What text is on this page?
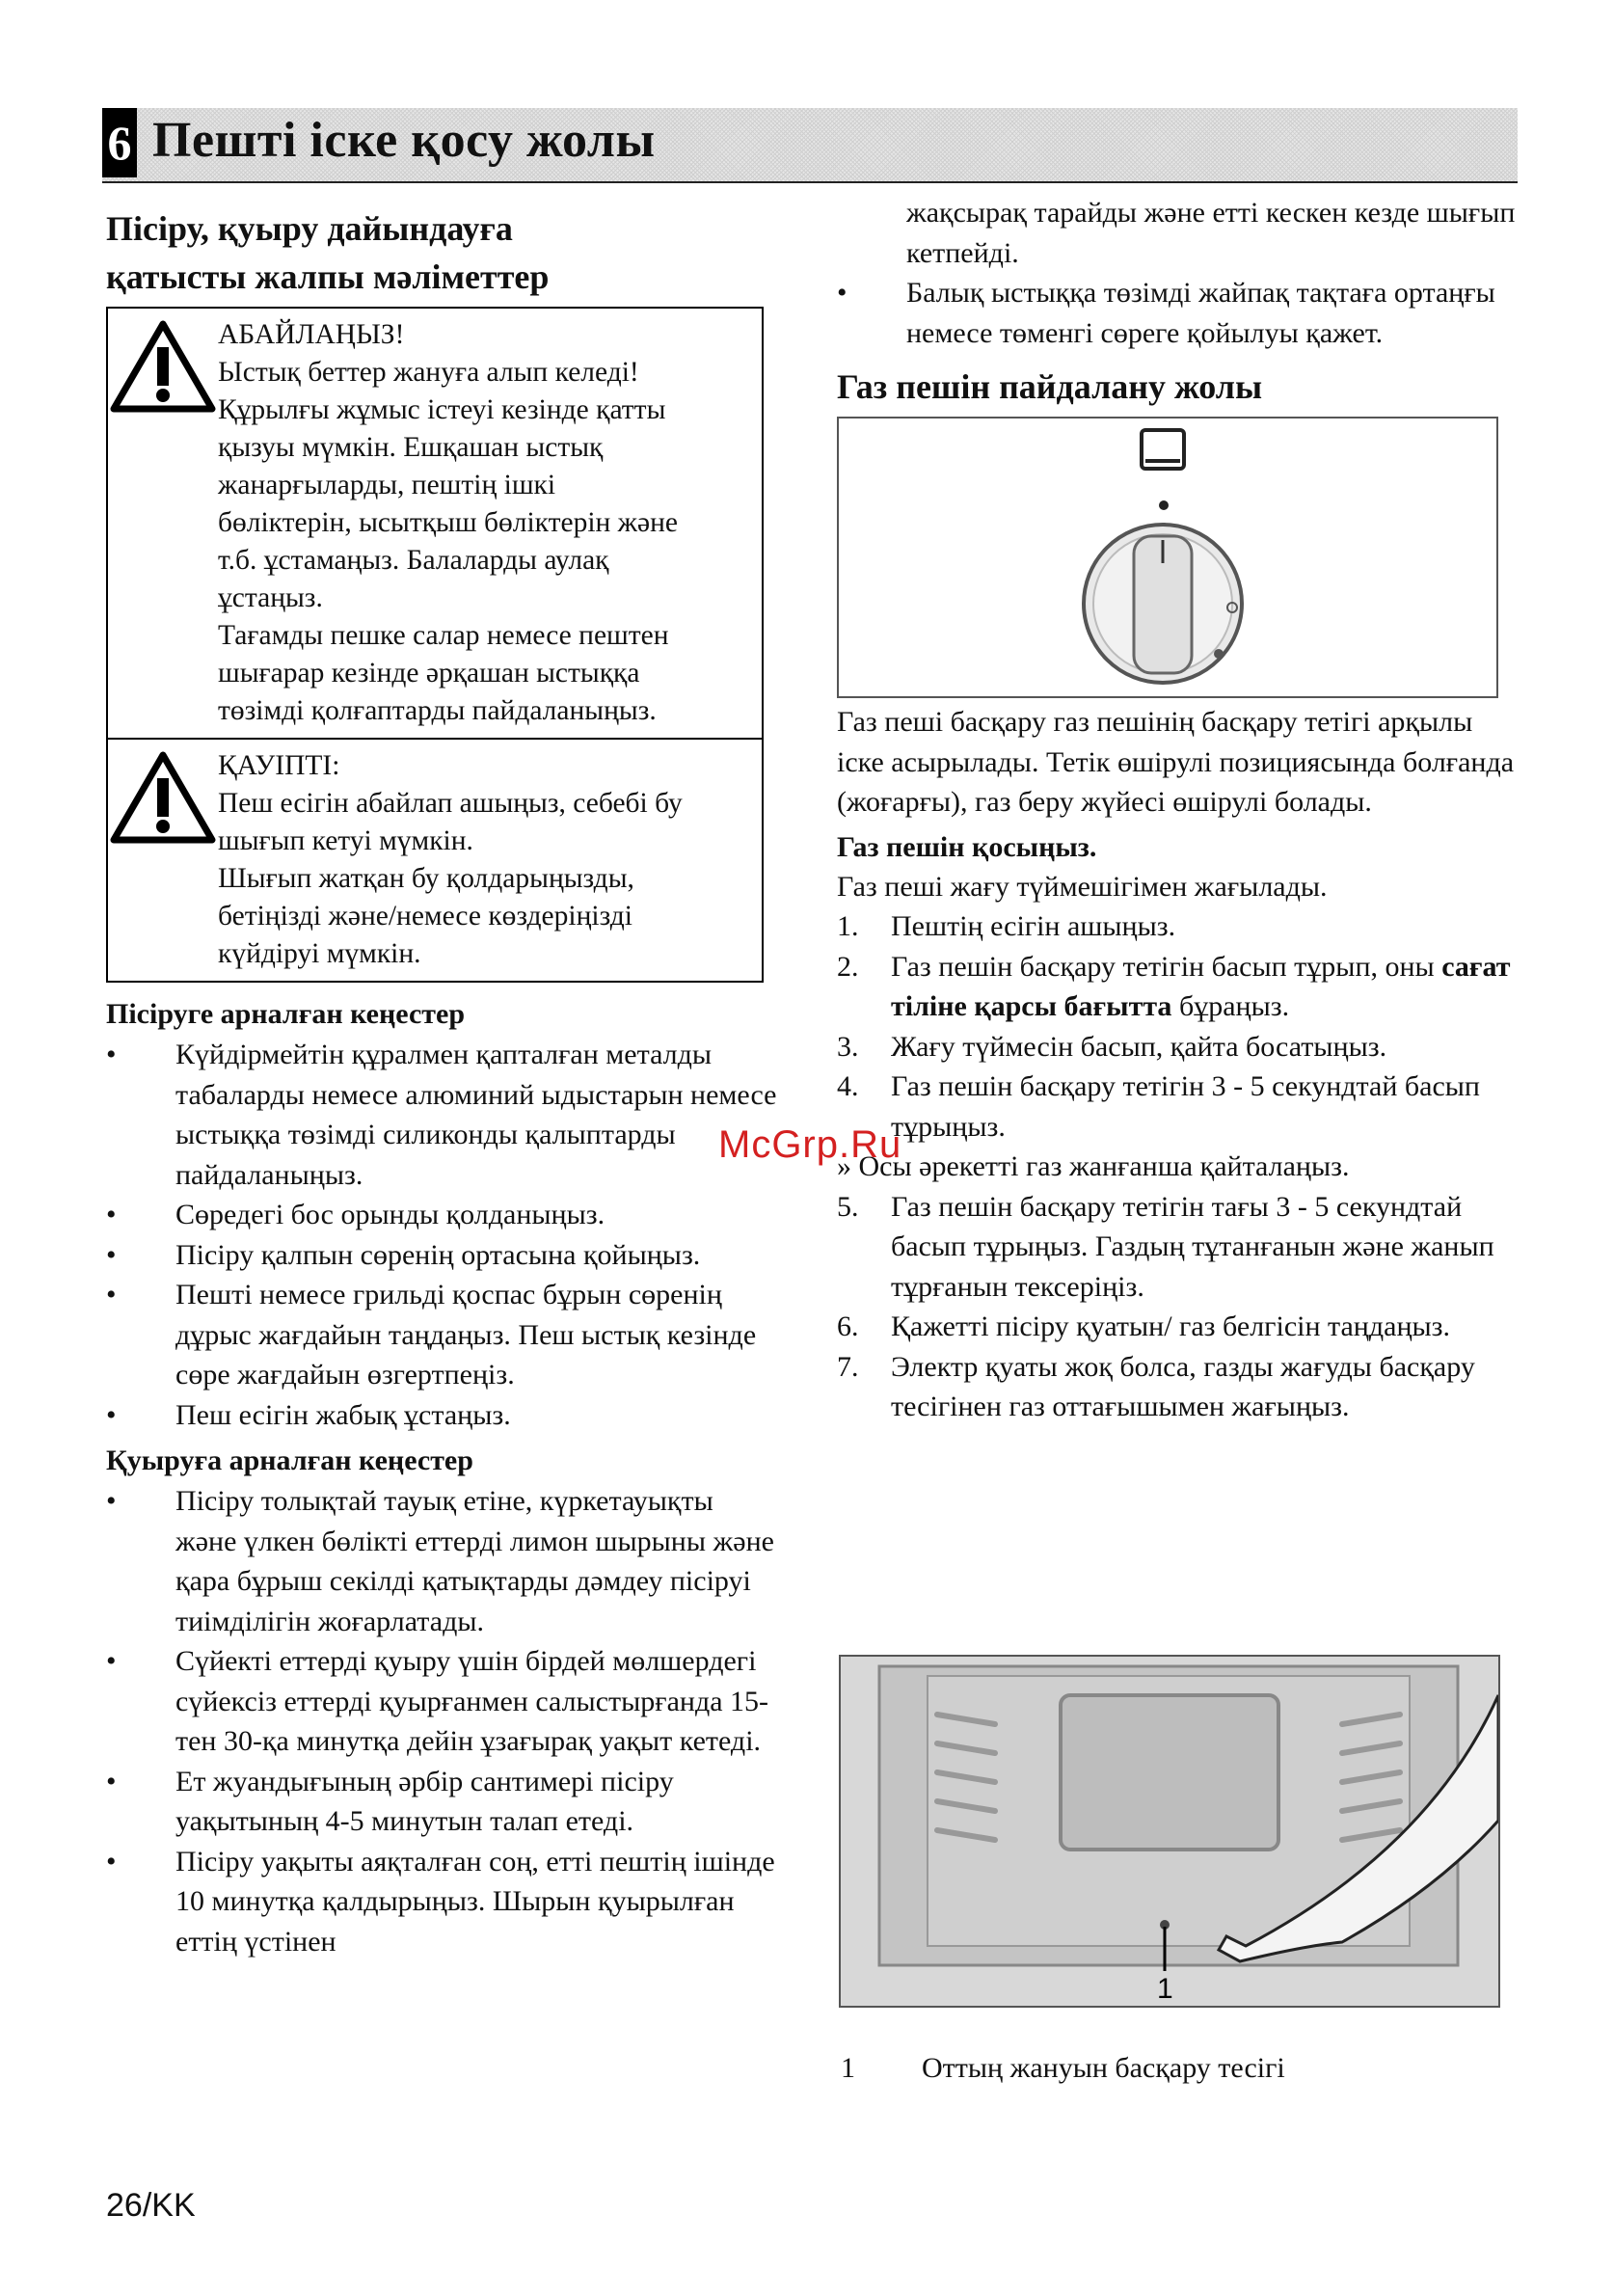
6 Пешті іске қосу жолы
Пісіру, қуыру дайындауға
қатысты жалпы мәліметтер

АБАЙЛАҢЫЗ!

Ыстық беттер жануға алып келеді!

Құрылғы жұмыс істеуі кезінде қатты

қызуы мүмкін. Ешқашан ыстық

жанарғыларды, пештің ішкі

бөліктерін, ысытқыш бөліктерін және

т.б. ұстамаңыз. Балаларды аулақ

ұстаңыз.

Тағамды пешке салар немесе пештен

шығарар кезінде әрқашан ыстыққа

төзімді қолғаптарды пайдаланыңыз.

ҚАУІПТІ:

Пеш есігін абайлап ашыңыз, себебі бу

шығып кетуі мүмкін.

Шығып жатқан бу қолдарыңызды,

бетіңізді және/немесе көздеріңізді

күйдіруі мүмкін.

Пісіруге арналған кеңестер
• Күйдірмейтін құралмен қапталған металды табаларды немесе алюминий ыдыстарын немесе ыстыққа төзімді силиконды қалыптарды пайдаланыңыз.
• Сөредегі бос орынды қолданыңыз.
• Пісіру қалпын сөренің ортасына қойыңыз.
• Пешті немесе грильді қоспас бұрын сөренің дұрыс жағдайын таңдаңыз. Пеш ыстық кезінде сөре жағдайын өзгертпеңіз.
• Пеш есігін жабық ұстаңыз.
Қуыруға арналған кеңестер
• Пісіру толықтай тауық етіне, күркетауықты және үлкен бөлікті еттерді лимон шырыны және қара бұрыш секілді қатықтарды дәмдеу пісіруі тиімділігін жоғарлатады.
• Сүйекті еттерді қуыру үшін бірдей мөлшердегі сүйексіз еттерді қуырғанмен салыстырғанда 15-тен 30-қа минутқа дейін ұзағырақ уақыт кетеді.
• Ет жуандығының әрбір сантимері пісіру уақытының 4-5 минутын талап етеді.
• Пісіру уақыты аяқталған соң, етті пештің ішінде 10 минутқа қалдырыңыз. Шырын қуырылған еттің үстінен
жақсырақ тарайды және етті кескен кезде шығып кетпейді.
• Балық ыстыққа төзімді жайпақ тақтаға ортаңғы немесе төменгі сөреге қойылуы қажет.
Газ пешін пайдалану жолы

Газ пеші басқару газ пешінің басқару тетігі арқылы іске асырылады. Тетік өшірулі позициясында болғанда (жоғарғы), газ беру жүйесі өшірулі болады.

Газ пешін қосыңыз.

Газ пеші жағу түймешігімен жағылады.

1. Пештің есігін ашыңыз.
2. Газ пешін басқару тетігін басып тұрып, оны сағат тіліне қарсы бағытта бұраңыз.
3. Жағу түймесін басып, қайта босатыңыз.
4. Газ пешін басқару тетігін 3 - 5 секундтай басып тұрыңыз.

» Осы әрекетті газ жанғанша қайталаңыз.

5. Газ пешін басқару тетігін тағы 3 - 5 секундтай басып тұрыңыз. Газдың тұтанғанын және жанып тұрғанын тексеріңіз.
6. Қажетті пісіру қуатын/ газ белгісін таңдаңыз.
7. Электр қуаты жоқ болса, газды жағуды басқару тесігінен газ оттағышымен жағыңыз.
1
1 Оттың жануын басқару тесігі
McGrp.Ru
26/KK
